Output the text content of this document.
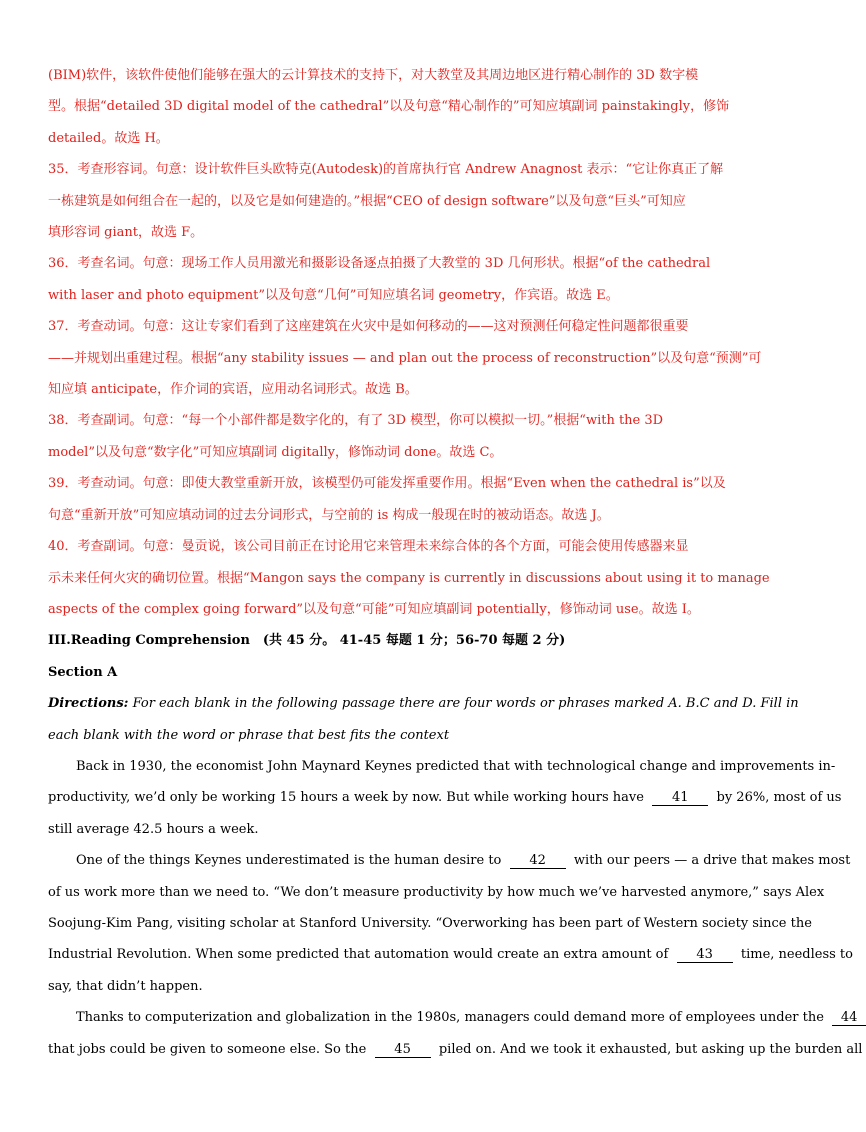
(BIM)软件，该软件使他们能够在强大的云计算技术的支持下，对大教堂及其周边地区进行精心制作的 3D 数字模
型。根据“detailed 3D digital model of the cathedral”以及句意“精心制作的”可知应填副词 painstakingly，修饰
detailed。故选 H。
35．考查形容词。句意：设计软件巨头欧特克(Autodesk)的首席执行官 Andrew Anagnost 表示：“它让你真正了解
一栋建筑是如何组合在一起的，以及它是如何建造的。”根据“CEO of design software”以及句意“巨头”可知应
填形容词 giant，故选 F。
36．考查名词。句意：现场工作人员用激光和摄影设备逐点拍摄了大教堂的 3D 几何形状。根据“of the cathedral
with laser and photo equipment”以及句意“几何”可知应填名词 geometry，作宾语。故选 E。
37．考查动词。句意：这让专家们看到了这座建筑在火灾中是如何移动的——这对预测任何稳定性问题都很重要
——并规划出重建过程。根据“any stability issues — and plan out the process of reconstruction”以及句意“预测”可
知应填 anticipate，作介词的宾语，应用动名词形式。故选 B。
38．考查副词。句意：“每一个小部件都是数字化的，有了 3D 模型，你可以模拟一切。”根据“with the 3D
model”以及句意“数字化”可知应填副词 digitally，修饰动词 done。故选 C。
39．考查动词。句意：即使大教堂重新开放，该模型仍可能发挥重要作用。根据“Even when the cathedral is”以及
句意“重新开放”可知应填动词的过去分词形式，与空前的 is 构成一般现在时的被动语态。故选 J。
40．考查副词。句意：曼贡说，该公司目前正在讨论用它来管理未来综合体的各个方面，可能会使用传感器来显
示未来任何火灾的确切位置。根据“Mangon says the company is currently in discussions about using it to manage
aspects of the complex going forward”以及句意“可能”可知应填副词 potentially，修饰动词 use。故选 I。
III.Reading Comprehension　(共 45 分。 41-45 每题 1 分；56-70 每题 2 分)
Section A
Directions: For each blank in the following passage there are four words or phrases marked A. B.C and D. Fill in
each blank with the word or phrase that best fits the context
Back in 1930, the economist John Maynard Keynes predicted that with technological change and improvements in-
productivity, we’d only be working 15 hours a week by now. But while working hours have 41 by 26%, most of us
still average 42.5 hours a week.
One of the things Keynes underestimated is the human desire to 42 with our peers — a drive that makes most
of us work more than we need to. “We don’t measure productivity by how much we’ve harvested anymore,” says Alex
Soojung-Kim Pang, visiting scholar at Stanford University. “Overworking has been part of Western society since the
Industrial Revolution. When some predicted that automation would create an extra amount of 43 time, needless to
say, that didn’t happen.
Thanks to computerization and globalization in the 1980s, managers could demand more of employees under the 44
that jobs could be given to someone else. So the 45 piled on. And we took it exhausted, but asking up the burden all
